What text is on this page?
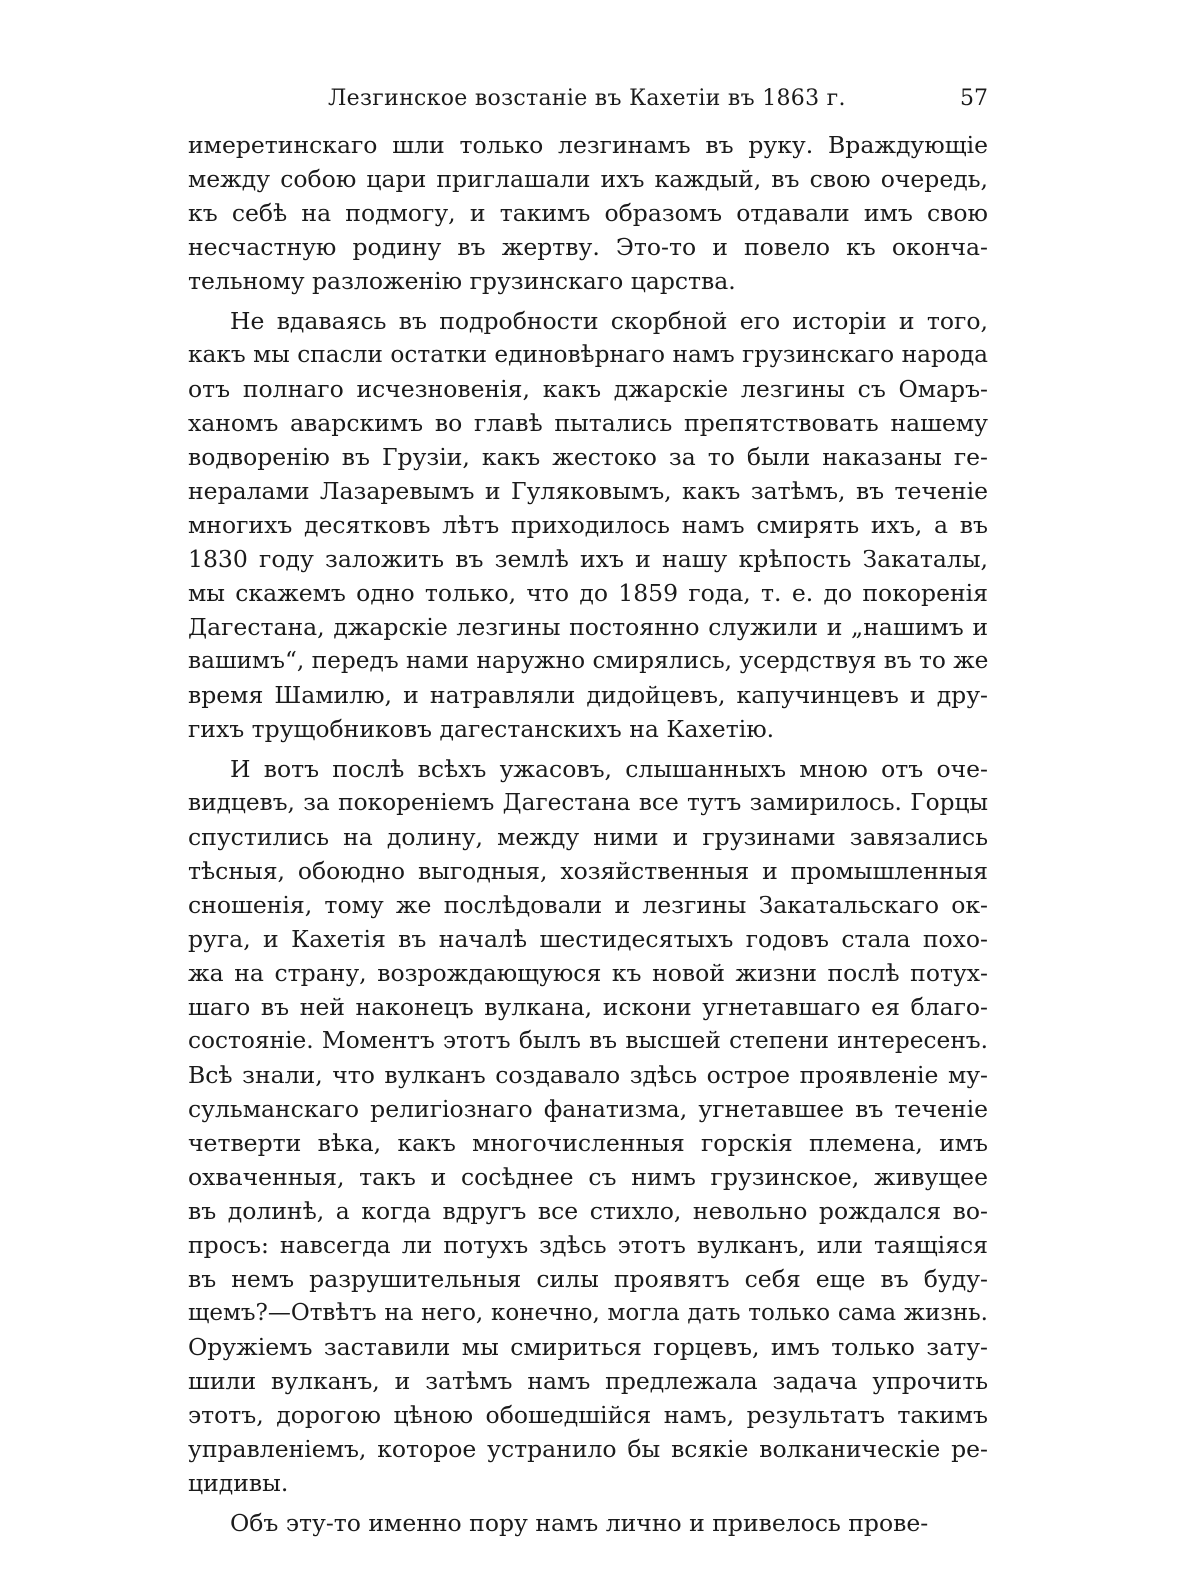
Лезгинское возстаніе въ Кахетіи въ 1863 г.	57
имеретинскаго шли только лезгинамъ въ руку. Враждующіе
между собою цари приглашали ихъ каждый, въ свою очередь,
къ себѣ на подмогу, и такимъ образомъ отдавали имъ свою
несчастную родину въ жертву. Это-то и повело къ оконча-
тельному разложенію грузинскаго царства.
Не вдаваясь въ подробности скорбной его исторіи и того,
какъ мы спасли остатки единовѣрнаго намъ грузинскаго народа
отъ полнаго исчезновенія, какъ джарскіе лезгины съ Омаръ-
ханомъ аварскимъ во главѣ пытались препятствовать нашему
водворенію въ Грузіи, какъ жестоко за то были наказаны ге-
нералами Лазаревымъ и Гуляковымъ, какъ затѣмъ, въ теченіе
многихъ десятковъ лѣтъ приходилось намъ смирять ихъ, а въ
1830 году заложить въ землѣ ихъ и нашу крѣпость Закаталы,
мы скажемъ одно только, что до 1859 года, т. е. до покоренія
Дагестана, джарскіе лезгины постоянно служили и „нашимъ и
вашимъ“, передъ нами наружно смирялись, усердствуя въ то же
время Шамилю, и натравляли дидойцевъ, капучинцевъ и дру-
гихъ трущобниковъ дагестанскихъ на Кахетію.
И вотъ послѣ всѣхъ ужасовъ, слышанныхъ мною отъ оче-
видцевъ, за покореніемъ Дагестана все тутъ замирилось. Горцы
спустились на долину, между ними и грузинами завязались
тѣсныя, обоюдно выгодныя, хозяйственныя и промышленныя
сношенія, тому же послѣдовали и лезгины Закатальскаго ок-
руга, и Кахетія въ началѣ шестидесятыхъ годовъ стала похо-
жа на страну, возрождающуюся къ новой жизни послѣ потух-
шаго въ ней наконецъ вулкана, искони угнетавшаго ея благо-
состояніе. Моментъ этотъ былъ въ высшей степени интересенъ.
Всѣ знали, что вулканъ создавало здѣсь острое проявленіе му-
сульманскаго религіознаго фанатизма, угнетавшее въ теченіе
четверти вѣка, какъ многочисленныя горскія племена, имъ
охваченныя, такъ и сосѣднее съ нимъ грузинское, живущее
въ долинѣ, а когда вдругъ все стихло, невольно рождался во-
просъ: навсегда ли потухъ здѣсь этотъ вулканъ, или таящіяся
въ немъ разрушительныя силы проявятъ себя еще въ буду-
щемъ?—Отвѣтъ на него, конечно, могла дать только сама жизнь.
Оружіемъ заставили мы смириться горцевъ, имъ только зату-
шили вулканъ, и затѣмъ намъ предлежала задача упрочить
этотъ, дорогою цѣною обошедшійся намъ, результатъ такимъ
управленіемъ, которое устранило бы всякіе волканическіе ре-
цидивы.
Объ эту-то именно пору намъ лично и привелось прове-
